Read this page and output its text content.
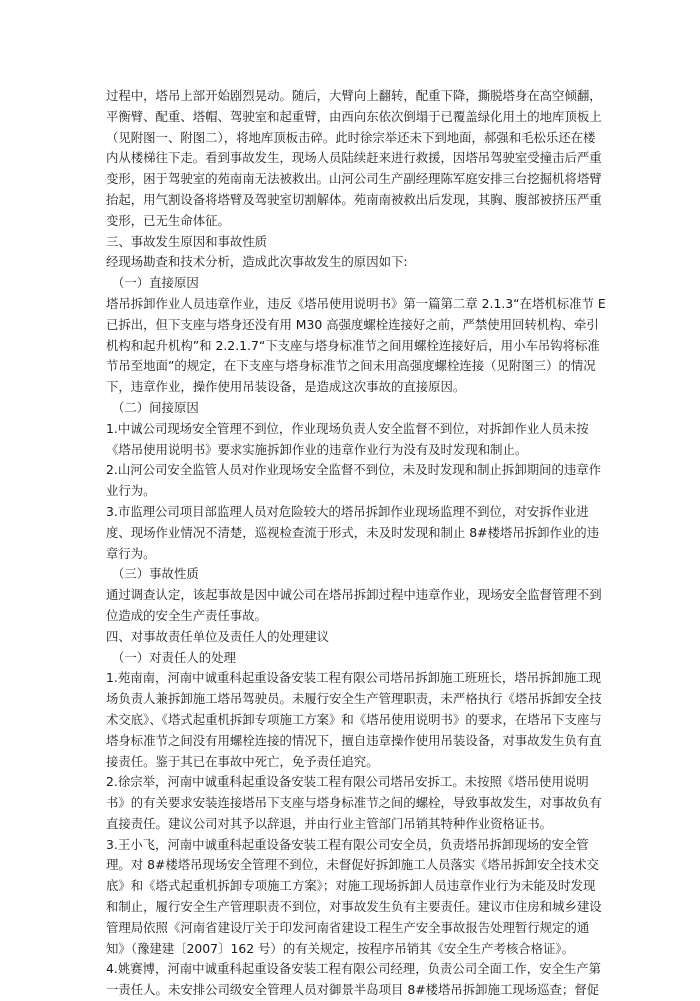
过程中，塔吊上部开始剧烈晃动。随后，大臂向上翻转，配重下降，撕脱塔身在高空倾翻，平衡臂、配重、塔帽、驾驶室和起重臂，由西向东依次倒塌于已覆盖绿化用土的地库顶板上（见附图一、附图二），将地库顶板击碎。此时徐宗举还未下到地面，郝强和毛松乐还在楼内从楼梯往下走。看到事故发生，现场人员陆续赶来进行救援，因塔吊驾驶室受撞击后严重变形，困于驾驶室的苑南南无法被救出。山河公司生产副经理陈军庭安排三台挖掘机将塔臂抬起，用气割设备将塔臂及驾驶室切割解体。苑南南被救出后发现，其胸、腹部被挤压严重变形，已无生命体征。

三、事故发生原因和事故性质

经现场勘查和技术分析，造成此次事故发生的原因如下:

（一）直接原因

塔吊拆卸作业人员违章作业，违反《塔吊使用说明书》第一篇第二章 2.1.3“在塔机标准节 E 已拆出，但下支座与塔身还没有用 M30 高强度螺栓连接好之前，严禁使用回转机构、牵引机构和起升机构”和 2.2.1.7“下支座与塔身标准节之间用螺栓连接好后，用小车吊钩将标准节吊至地面”的规定，在下支座与塔身标准节之间未用高强度螺栓连接（见附图三）的情况下，违章作业，操作使用吊装设备，是造成这次事故的直接原因。

（二）间接原因

1.中诚公司现场安全管理不到位，作业现场负责人安全监督不到位，对拆卸作业人员未按《塔吊使用说明书》要求实施拆卸作业的违章作业行为没有及时发现和制止。

2.山河公司安全监管人员对作业现场安全监督不到位，未及时发现和制止拆卸期间的违章作业行为。

3.市监理公司项目部监理人员对危险较大的塔吊拆卸作业现场监理不到位，对安拆作业进度、现场作业情况不清楚，巡视检查流于形式，未及时发现和制止 8#楼塔吊拆卸作业的违章行为。

（三）事故性质

通过调查认定，该起事故是因中诚公司在塔吊拆卸过程中违章作业，现场安全监督管理不到位造成的安全生产责任事故。

四、对事故责任单位及责任人的处理建议

（一）对责任人的处理

1.苑南南，河南中诚重科起重设备安装工程有限公司塔吊拆卸施工班班长，塔吊拆卸施工现场负责人兼拆卸施工塔吊驾驶员。未履行安全生产管理职责，未严格执行《塔吊拆卸安全技术交底》、《塔式起重机拆卸专项施工方案》和《塔吊使用说明书》的要求，在塔吊下支座与塔身标准节之间没有用螺栓连接的情况下，擅自违章操作使用吊装设备，对事故发生负有直接责任。鉴于其已在事故中死亡，免予责任追究。

2.徐宗举，河南中诚重科起重设备安装工程有限公司塔吊安拆工。未按照《塔吊使用说明书》的有关要求安装连接塔吊下支座与塔身标准节之间的螺栓，导致事故发生，对事故负有直接责任。建议公司对其予以辞退，并由行业主管部门吊销其特种作业资格证书。

3.王小飞，河南中诚重科起重设备安装工程有限公司安全员，负责塔吊拆卸现场的安全管理。对 8#楼塔吊现场安全管理不到位，未督促好拆卸施工人员落实《塔吊拆卸安全技术交底》和《塔式起重机拆卸专项施工方案》；对施工现场拆卸人员违章作业行为未能及时发现和制止，履行安全生产管理职责不到位，对事故发生负有主要责任。建议市住房和城乡建设管理局依照《河南省建设厅关于印发河南省建设工程生产安全事故报告处理暂行规定的通知》（豫建建〔2007〕162 号）的有关规定，按程序吊销其《安全生产考核合格证》。

4.姚赛博，河南中诚重科起重设备安装工程有限公司经理，负责公司全面工作，安全生产第一责任人。未安排公司级安全管理人员对御景半岛项目 8#楼塔吊拆卸施工现场巡查；督促
